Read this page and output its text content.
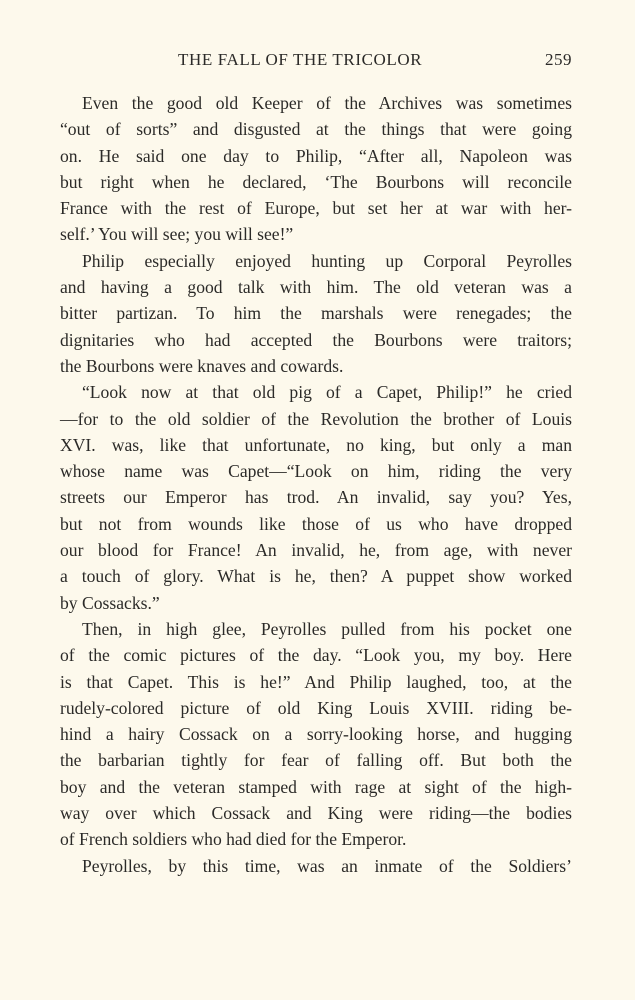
THE FALL OF THE TRICOLOR	259
Even the good old Keeper of the Archives was sometimes
“out of sorts” and disgusted at the things that were going
on. He said one day to Philip, “After all, Napoleon was
but right when he declared, ‘The Bourbons will reconcile
France with the rest of Europe, but set her at war with her-
self.’ You will see; you will see!”
Philip especially enjoyed hunting up Corporal Peyrolles
and having a good talk with him. The old veteran was a
bitter partizan. To him the marshals were renegades; the
dignitaries who had accepted the Bourbons were traitors;
the Bourbons were knaves and cowards.
“Look now at that old pig of a Capet, Philip!” he cried
—for to the old soldier of the Revolution the brother of Louis
XVI. was, like that unfortunate, no king, but only a man
whose name was Capet—“Look on him, riding the very
streets our Emperor has trod. An invalid, say you? Yes,
but not from wounds like those of us who have dropped
our blood for France! An invalid, he, from age, with never
a touch of glory. What is he, then? A puppet show worked
by Cossacks.”
Then, in high glee, Peyrolles pulled from his pocket one
of the comic pictures of the day. “Look you, my boy. Here
is that Capet. This is he!” And Philip laughed, too, at the
rudely-colored picture of old King Louis XVIII. riding be-
hind a hairy Cossack on a sorry-looking horse, and hugging
the barbarian tightly for fear of falling off. But both the
boy and the veteran stamped with rage at sight of the high-
way over which Cossack and King were riding—the bodies
of French soldiers who had died for the Emperor.
Peyrolles, by this time, was an inmate of the Soldiers’
